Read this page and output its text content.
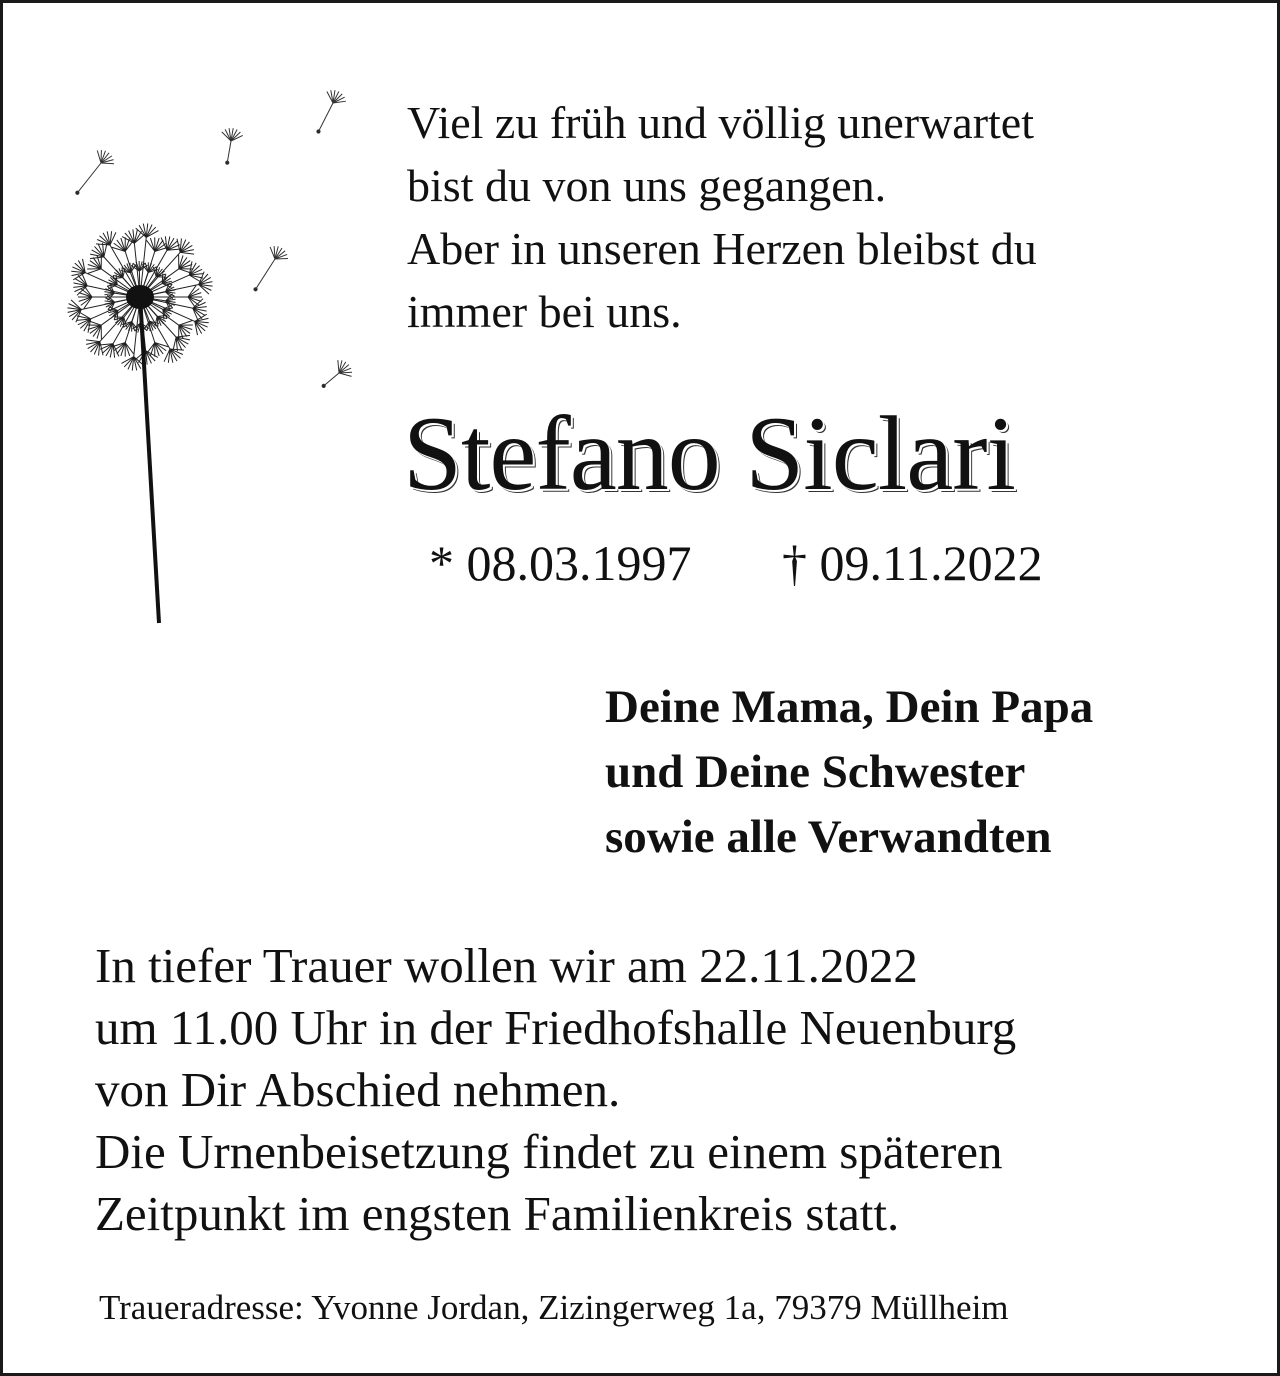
Viel zu früh und völlig unerwartet
bist du von uns gegangen.
Aber in unseren Herzen bleibst du
immer bei uns.

Stefano Siclari
* 08.03.1997 † 09.11.2022

Deine Mama, Dein Papa
und Deine Schwester
sowie alle Verwandten

In tiefer Trauer wollen wir am 22.11.2022
um 11.00 Uhr in der Friedhofshalle Neuenburg
von Dir Abschied nehmen.
Die Urnenbeisetzung findet zu einem späteren
Zeitpunkt im engsten Familienkreis statt.

Traueradresse: Yvonne Jordan, Zizingerweg 1a, 79379 Müllheim
